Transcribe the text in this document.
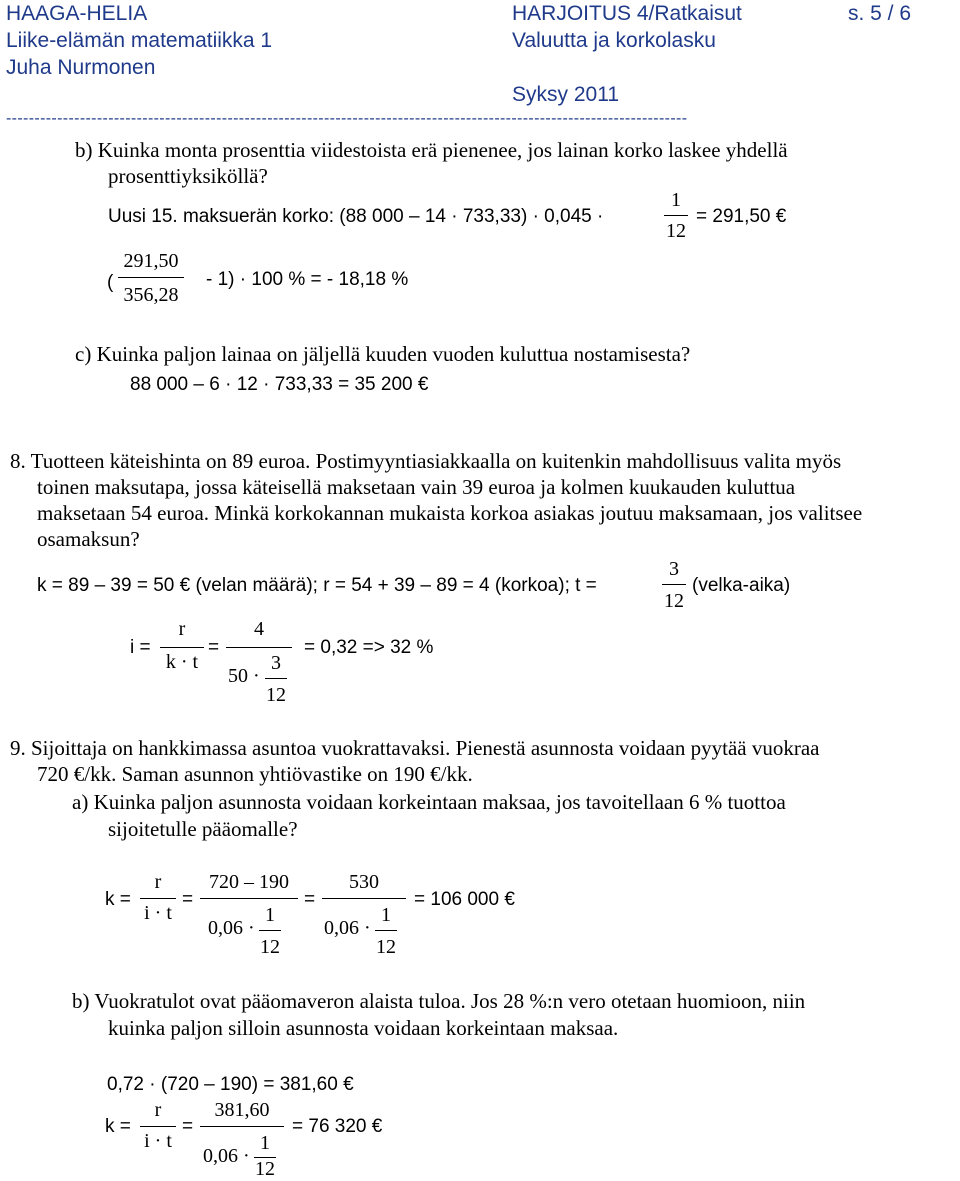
HAAGA-HELIA
Liike-elämän matematiikka 1
Juha Nurmonen
HARJOITUS 4/Ratkaisut
Valuutta ja korkolasku
Syksy 2011
s. 5 / 6
------------------------------------------------------------------------------------------------------------------------
b) Kuinka monta prosenttia viidestoista erä pienenee, jos lainan korko laskee yhdellä
prosenttiyksiköllä?
Uusi 15. maksuerän korko: (88 000 – 14 · 733,33) · 0,045 ·
1
12
= 291,50 €
(
291,50
356,28
- 1) · 100 % = - 18,18 %
c) Kuinka paljon lainaa on jäljellä kuuden vuoden kuluttua nostamisesta?
88 000 – 6 · 12 · 733,33 = 35 200 €
8. Tuotteen käteishinta on 89 euroa. Postimyyntiasiakkaalla on kuitenkin mahdollisuus valita myös
toinen maksutapa, jossa käteisellä maksetaan vain 39 euroa ja kolmen kuukauden kuluttua
maksetaan 54 euroa. Minkä korkokannan mukaista korkoa asiakas joutuu maksamaan, jos valitsee
osamaksun?
k = 89 – 39 = 50 € (velan määrä); r = 54 + 39 – 89 = 4 (korkoa); t =
3
12
(velka-aika)
i =
r
k · t
=
4
50 ·
3
12
= 0,32 => 32 %
9. Sijoittaja on hankkimassa asuntoa vuokrattavaksi. Pienestä asunnosta voidaan pyytää vuokraa
720 €/kk. Saman asunnon yhtiövastike on 190 €/kk.
a) Kuinka paljon asunnosta voidaan korkeintaan maksaa, jos tavoitellaan 6 % tuottoa
sijoitetulle pääomalle?
k =
r
i · t
=
720 – 190
0,06 ·
1
12
=
530
0,06 ·
1
12
= 106 000 €
b) Vuokratulot ovat pääomaveron alaista tuloa. Jos 28 %:n vero otetaan huomioon, niin
kuinka paljon silloin asunnosta voidaan korkeintaan maksaa.
0,72 · (720 – 190) = 381,60 €
k =
r
i · t
=
381,60
0,06 ·
1
12
= 76 320 €
